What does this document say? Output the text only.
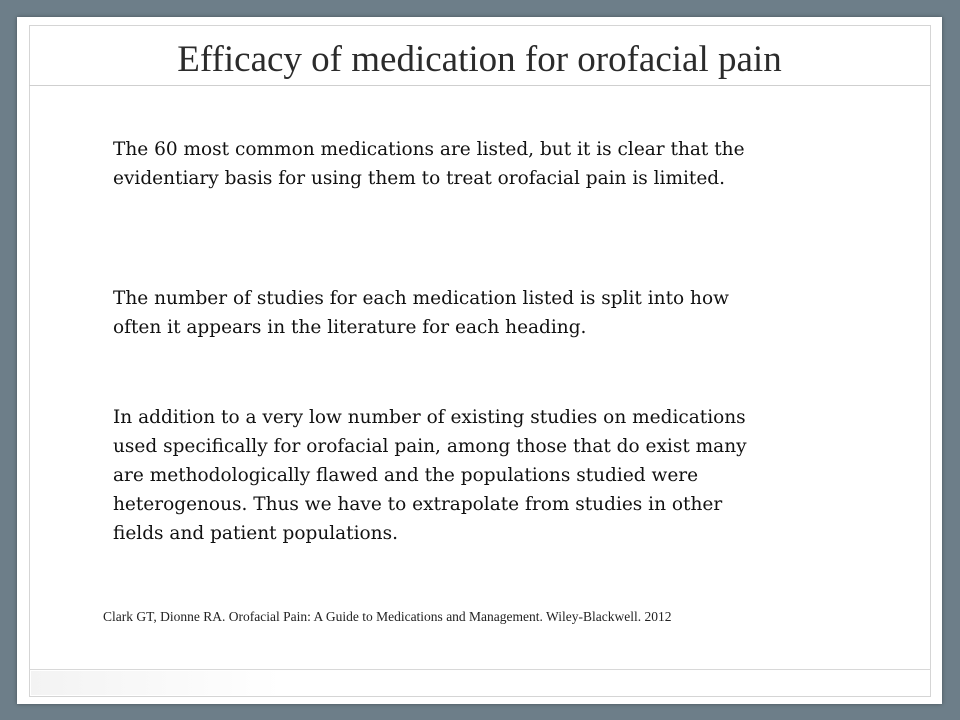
Efficacy of medication for orofacial pain

The 60 most common medications are listed, but it is clear that the evidentiary basis for using them to treat orofacial pain is limited.

The number of studies for each medication listed is split into how often it appears in the literature for each heading.

In addition to a very low number of existing studies on medications used specifically for orofacial pain, among those that do exist many are methodologically flawed and the populations studied were heterogenous. Thus we have to extrapolate from studies in other fields and patient populations.

Clark GT, Dionne RA. Orofacial Pain: A Guide to Medications and Management. Wiley-Blackwell. 2012
